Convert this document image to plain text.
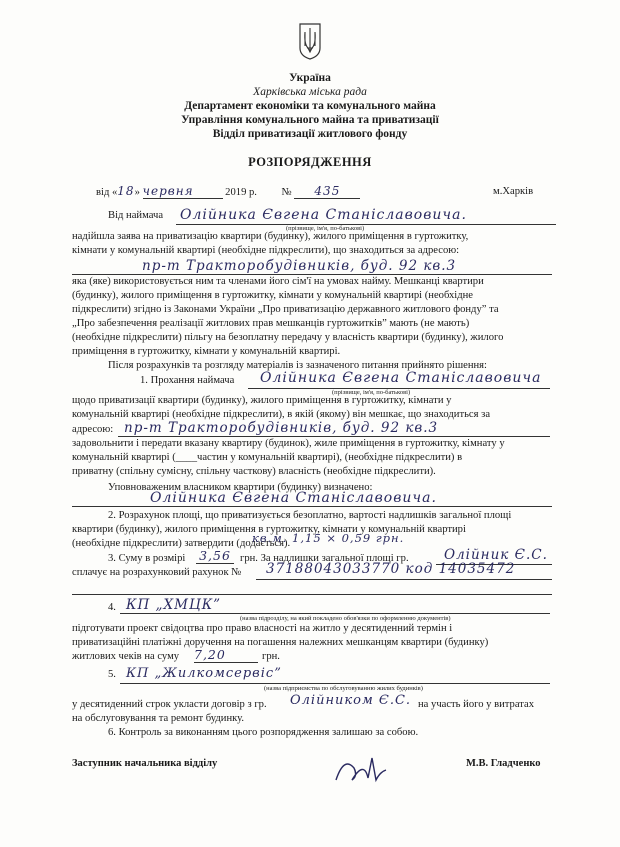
Україна
Харківська міська рада
Департамент економіки та комунального майна
Управління комунального майна та приватизації
Відділ приватизації житлового фонду
РОЗПОРЯДЖЕННЯ
від «18» червня	2019 р. № 435	м.Харків
Від наймача Олійника Євгена Станіславовича.
(прізвище, ім'я, по-батькові)
надійшла заява на приватизацію квартири (будинку), жилого приміщення в гуртожитку,
кімнати у комунальній квартирі (необхідне підкреслити), що знаходиться за адресою:
пр-т Тракторобудівників, буд. 92 кв.3
яка (яке) використовується ним та членами його сім'ї на умовах найму. Мешканці квартири
(будинку), жилого приміщення в гуртожитку, кімнати у комунальній квартирі (необхідне
підкреслити) згідно із Законами України „Про приватизацію державного житлового фонду” та
„Про забезпечення реалізації житлових прав мешканців гуртожитків” мають (не мають)
(необхідне підкреслити) пільгу на безоплатну передачу у власність квартири (будинку), жилого
приміщення в гуртожитку, кімнати у комунальній квартирі.
Після розрахунків та розгляду матеріалів із зазначеного питання прийнято рішення:
1. Прохання наймача Олійника Євгена Станіславовича
(прізвище, ім'я, по-батькові)
щодо приватизації квартири (будинку), жилого приміщення в гуртожитку, кімнати у
комунальній квартирі (необхідне підкреслити), в якій (якому) він мешкає, що знаходиться за
адресою: пр-т Тракторобудівників, буд. 92 кв.3
задовольнити і передати вказану квартиру (будинок), жиле приміщення в гуртожитку, кімнату у
комунальній квартирі (____частин у комунальній квартирі), (необхідне підкреслити) в
приватну (спільну сумісну, спільну часткову) власність (необхідне підкреслити).
Уповноваженим власником квартири (будинку) визначено:
Олійника Євгена Станіславовича.
2. Розрахунок площі, що приватизується безоплатно, вартості надлишків загальної площі
квартири (будинку), жилого приміщення в гуртожитку, кімнати у комунальній квартирі
(необхідне підкреслити) затвердити (додається).
кв.м. 1,15 × 0,59 грн.
3. Суму в розмірі 3,56 грн. За надлишки загальної площі гр.	Олійник Є.С.
сплачує на розрахунковий рахунок № 37188043033770 код 14035472
4. КП „ХМЦК”
(назва підрозділу, на який покладено обов'язки по оформленню документів)
підготувати проект свідоцтва про право власності на житло у десятиденний термін і
приватизаційні платіжні доручення на погашення належних мешканцям квартири (будинку)
житлових чеків на суму 7,20	грн.
5. КП „Жилкомсервіс”
(назва підприємства по обслуговуванню жилих будинків)
у десятиденний строк укласти договір з гр. Олійником Є.С. на участь його у витратах
на обслуговування та ремонт будинку.
6. Контроль за виконанням цього розпорядження залишаю за собою.
Заступник начальника відділу	М.В. Гладченко
